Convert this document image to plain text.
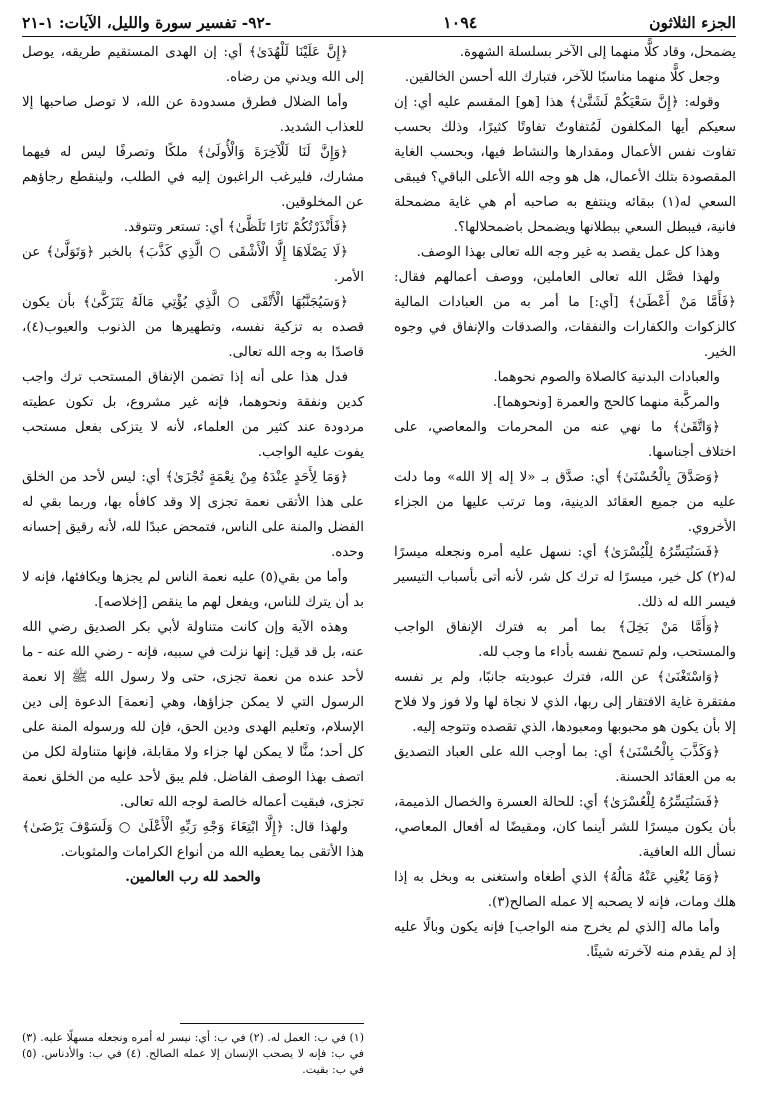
الجزء الثلاثون
١٠٩٤
-٩٢- تفسير سورة والليل، الآيات: ١-٢١

يضمحل، وقاد كلًّا منهما إلى الآخر بسلسلة الشهوة.

وجعل كلًّا منهما مناسبًا للآخر، فتبارك الله أحسن الخالقين.

وقوله: ﴿إِنَّ سَعْيَكُمْ لَشَتَّىٰ﴾ هذا [هو] المقسم عليه أي: إن سعيكم أيها المكلفون لَمُتفاوتٌ تفاوتًا كثيرًا، وذلك بحسب تفاوت نفس الأعمال ومقدارها والنشاط فيها، وبحسب الغاية المقصودة بتلك الأعمال، هل هو وجه الله الأعلى الباقي؟ فيبقى السعي له(١) ببقائه وينتفع به صاحبه أم هي غاية مضمحلة فانية، فيبطل السعي ببطلانها ويضمحل باضمحلالها؟.

وهذا كل عمل يقصد به غير وجه الله تعالى بهذا الوصف.

ولهذا فصَّل الله تعالى العاملين، ووصف أعمالهم فقال: ﴿فَأَمَّا مَنْ أَعْطَىٰ﴾ [أي:] ما أمر به من العبادات المالية كالزكوات والكفارات والنفقات، والصدقات والإنفاق في وجوه الخير.

والعبادات البدنية كالصلاة والصوم نحوهما.

والمركَّبة منهما كالحج والعمرة [ونحوهما].

﴿وَاتَّقَىٰ﴾ ما نهي عنه من المحرمات والمعاصي، على اختلاف أجناسها.

﴿وَصَدَّقَ بِالْحُسْنَىٰ﴾ أي: صدَّق بـ «لا إله إلا الله» وما دلت عليه من جميع العقائد الدينية، وما ترتب عليها من الجزاء الأخروي.

﴿فَسَنُيَسِّرُهُ لِلْيُسْرَىٰ﴾ أي: نسهل عليه أمره ونجعله ميسرًا له(٢) كل خير، ميسرًا له ترك كل شر، لأنه أتى بأسباب التيسير فيسر الله له ذلك.

﴿وَأَمَّا مَنْ بَخِلَ﴾ بما أمر به فترك الإنفاق الواجب والمستحب، ولم تسمح نفسه بأداء ما وجب لله.

﴿وَاسْتَغْنَىٰ﴾ عن الله، فترك عبوديته جانبًا، ولم ير نفسه مفتقرة غاية الافتقار إلى ربها، الذي لا نجاة لها ولا فوز ولا فلاح إلا بأن يكون هو محبوبها ومعبودها، الذي تقصده وتتوجه إليه.

﴿وَكَذَّبَ بِالْحُسْنَىٰ﴾ أي: بما أوجب الله على العباد التصديق به من العقائد الحسنة.

﴿فَسَنُيَسِّرُهُ لِلْعُسْرَىٰ﴾ أي: للحالة العسرة والخصال الذميمة، بأن يكون ميسرًا للشر أينما كان، ومقيضًا له أفعال المعاصي، نسأل الله العافية.

﴿وَمَا يُغْنِي عَنْهُ مَالُهُ﴾ الذي أطغاه واستغنى به وبخل به إذا هلك ومات، فإنه لا يصحبه إلا عمله الصالح(٣).

وأما ماله [الذي لم يخرج منه الواجب] فإنه يكون وبالًا عليه إذ لم يقدم منه لآخرته شيئًا.

﴿إِنَّ عَلَيْنَا لَلْهُدَىٰ﴾ أي: إن الهدى المستقيم طريقه، يوصل إلى الله ويدني من رضاه.

وأما الضلال فطرق مسدودة عن الله، لا توصل صاحبها إلا للعذاب الشديد.

﴿وَإِنَّ لَنَا لَلْآخِرَةَ وَالْأُولَىٰ﴾ ملكًا وتصرفًا ليس له فيهما مشارك، فليرغب الراغبون إليه في الطلب، ولينقطع رجاؤهم عن المخلوقين.

﴿فَأَنْذَرْتُكُمْ نَارًا تَلَظَّىٰ﴾ أي: تستعر وتتوقد.

﴿لَا يَصْلَاهَا إِلَّا الْأَشْقَى ○ الَّذِي كَذَّبَ﴾ بالخبر ﴿وَتَوَلَّىٰ﴾ عن الأمر.

﴿وَسَيُجَنَّبُهَا الْأَتْقَى ○ الَّذِي يُؤْتِي مَالَهُ يَتَزَكَّىٰ﴾ بأن يكون قصده به تزكية نفسه، وتطهيرها من الذنوب والعيوب(٤)، قاصدًا به وجه الله تعالى.

فدل هذا على أنه إذا تضمن الإنفاق المستحب ترك واجب كدين ونفقة ونحوهما، فإنه غير مشروع، بل تكون عطيته مردودة عند كثير من العلماء، لأنه لا يتزكى بفعل مستحب يفوت عليه الواجب.

﴿وَمَا لِأَحَدٍ عِنْدَهُ مِنْ نِعْمَةٍ تُجْزَىٰ﴾ أي: ليس لأحد من الخلق على هذا الأتقى نعمة تجزى إلا وقد كافأه بها، وربما بقي له الفضل والمنة على الناس، فتمحض عبدًا لله، لأنه رقيق إحسانه وحده.

وأما من بقي(٥) عليه نعمة الناس لم يجزها ويكافئها، فإنه لا بد أن يترك للناس، ويفعل لهم ما ينقص [إخلاصه].

وهذه الآية وإن كانت متناولة لأبي بكر الصديق رضي الله عنه، بل قد قيل: إنها نزلت في سببه، فإنه - رضي الله عنه - ما لأحد عنده من نعمة تجزى، حتى ولا رسول الله ﷺ إلا نعمة الرسول التي لا يمكن جزاؤها، وهي [نعمة] الدعوة إلى دين الإسلام، وتعليم الهدى ودين الحق، فإن لله ورسوله المنة على كل أحد؛ منًّا لا يمكن لها جزاء ولا مقابلة، فإنها متناولة لكل من اتصف بهذا الوصف الفاضل. فلم يبق لأحد عليه من الخلق نعمة تجزى، فبقيت أعماله خالصة لوجه الله تعالى.

ولهذا قال: ﴿إِلَّا ابْتِغَاءَ وَجْهِ رَبِّهِ الْأَعْلَىٰ ○ وَلَسَوْفَ يَرْضَىٰ﴾ هذا الأتقى بما يعطيه الله من أنواع الكرامات والمثوبات.

والحمد لله رب العالمين.

(١) في ب: العمل له. (٢) في ب: أي: نيسر له أمره ونجعله مسهلًا عليه. (٣) في ب: فإنه لا يصحب الإنسان إلا عمله الصالح. (٤) في ب: والأدناس. (٥) في ب: بقيت.
